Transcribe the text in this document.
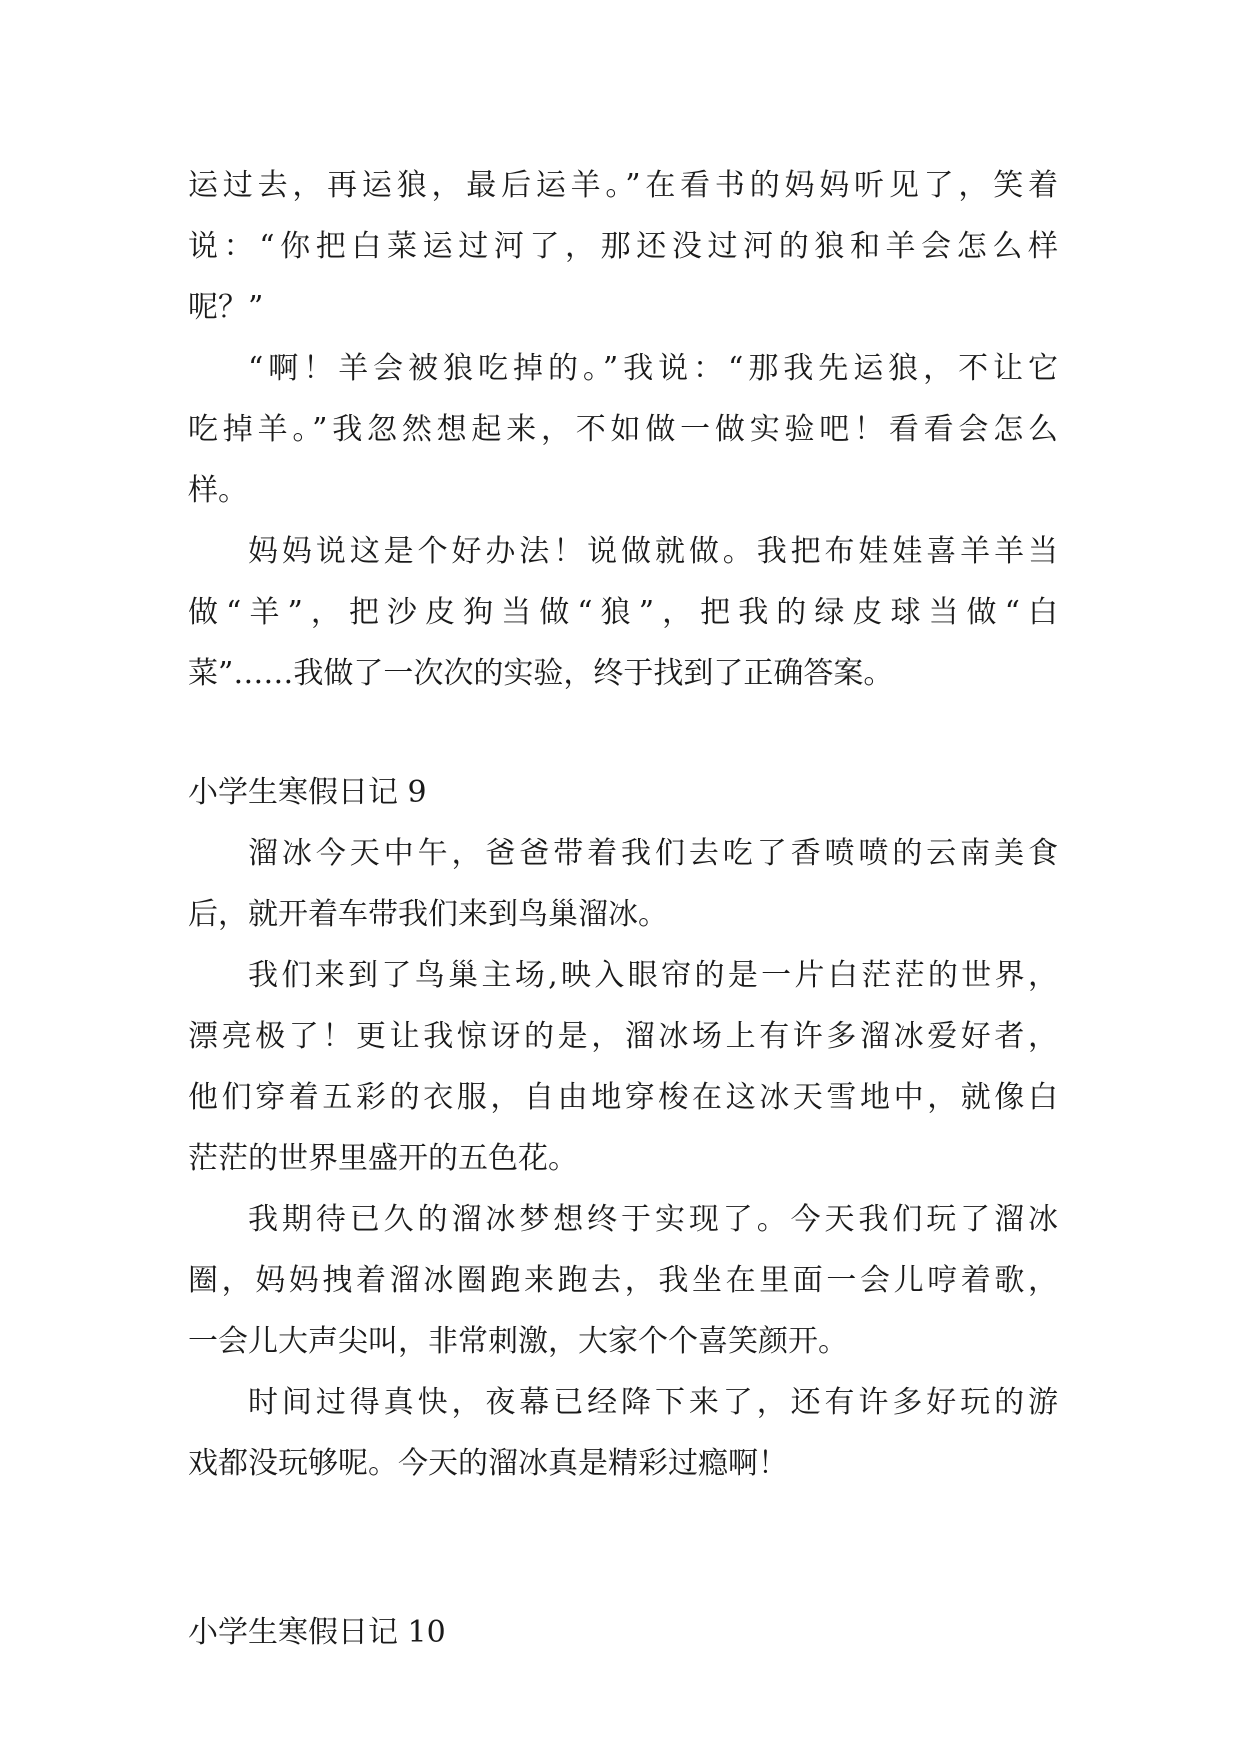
运过去，再运狼，最后运羊。”在看书的妈妈听见了，笑着
说：“你把白菜运过河了，那还没过河的狼和羊会怎么样
呢？”
“啊！羊会被狼吃掉的。”我说：“那我先运狼，不让它
吃掉羊。”我忽然想起来，不如做一做实验吧！看看会怎么
样。
妈妈说这是个好办法！说做就做。我把布娃娃喜羊羊当
做“羊”，把沙皮狗当做“狼”，把我的绿皮球当做“白
菜”……我做了一次次的实验，终于找到了正确答案。
小学生寒假日记 9
溜冰今天中午，爸爸带着我们去吃了香喷喷的云南美食
后，就开着车带我们来到鸟巢溜冰。
我们来到了鸟巢主场,映入眼帘的是一片白茫茫的世界，
漂亮极了！更让我惊讶的是，溜冰场上有许多溜冰爱好者，
他们穿着五彩的衣服，自由地穿梭在这冰天雪地中，就像白
茫茫的世界里盛开的五色花。
我期待已久的溜冰梦想终于实现了。今天我们玩了溜冰
圈，妈妈拽着溜冰圈跑来跑去，我坐在里面一会儿哼着歌，
一会儿大声尖叫，非常刺激，大家个个喜笑颜开。
时间过得真快，夜幕已经降下来了，还有许多好玩的游
戏都没玩够呢。今天的溜冰真是精彩过瘾啊！
小学生寒假日记 10
